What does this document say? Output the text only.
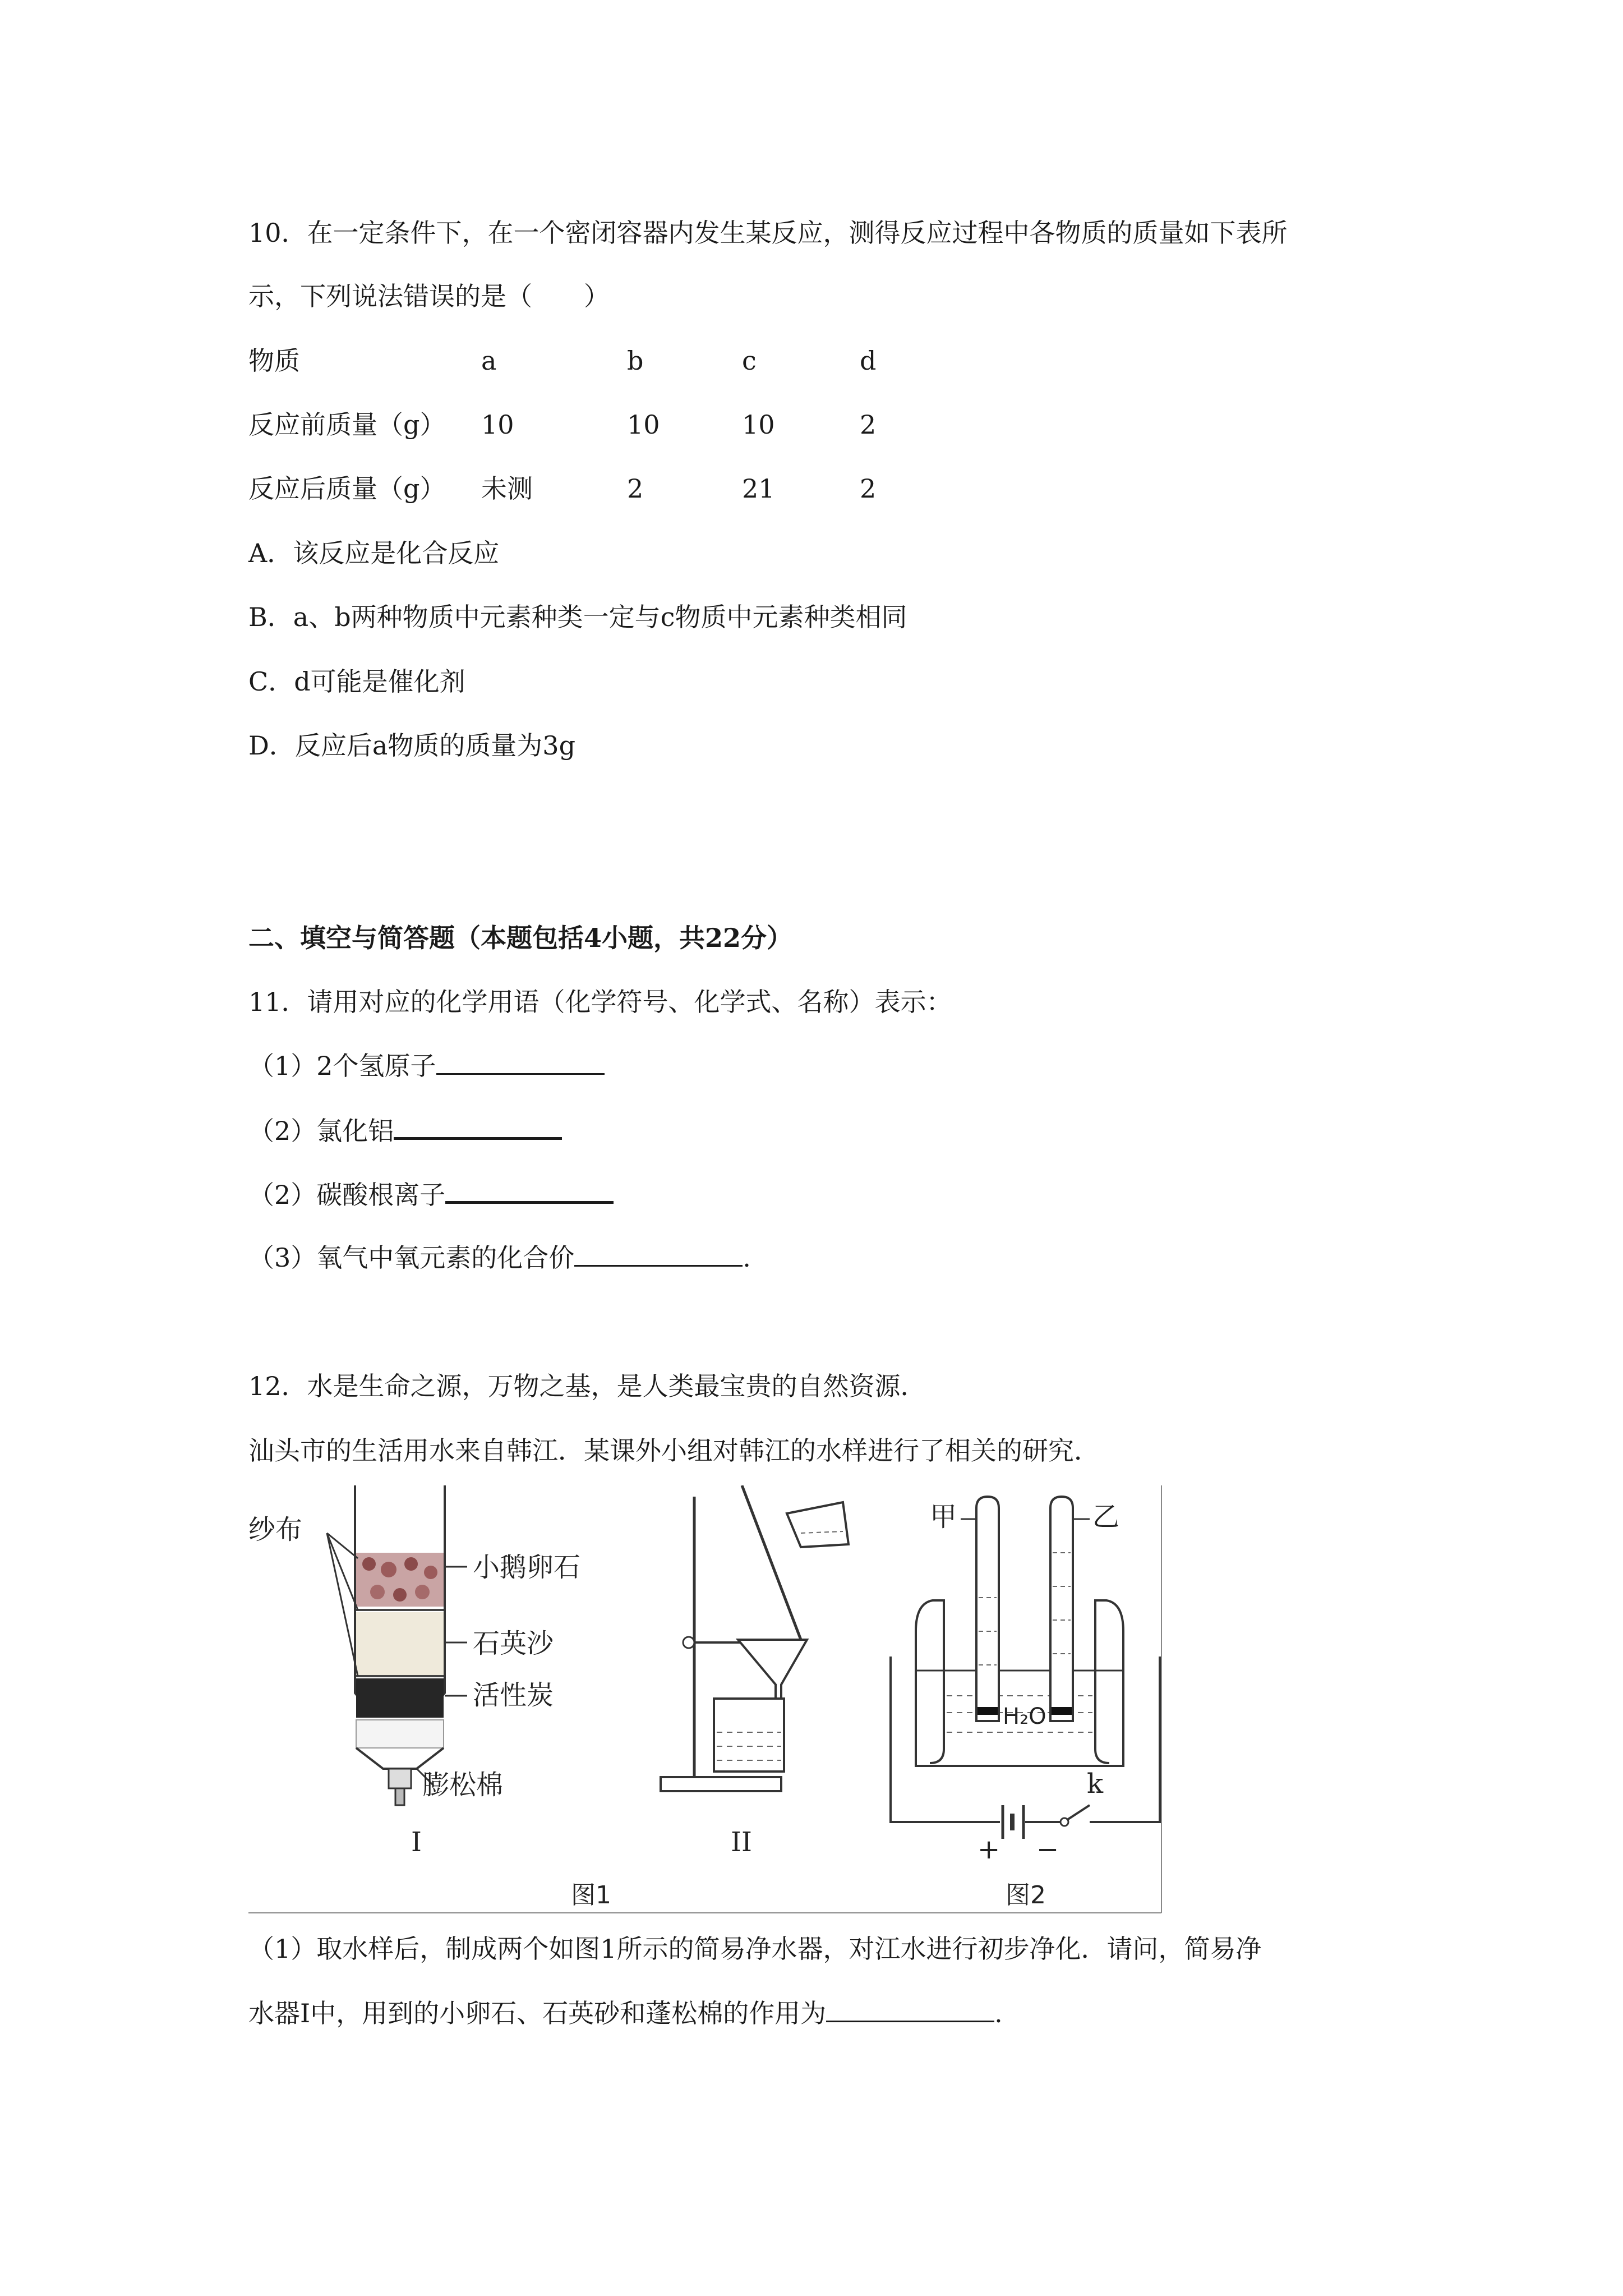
10．在一定条件下，在一个密闭容器内发生某反应，测得反应过程中各物质的质量如下表所
示，下列说法错误的是（　　）
物质	a	b	c	d
反应前质量（g） 10	10	10	2
反应后质量（g） 未测	2	21	2
A．该反应是化合反应
B．a、b两种物质中元素种类一定与c物质中元素种类相同
C．d可能是催化剂
D．反应后a物质的质量为3g
二、填空与简答题（本题包括4小题，共22分）
11．请用对应的化学用语（化学符号、化学式、名称）表示：
（1）2个氢原子
（2）氯化铝
（2）碳酸根离子
（3）氧气中氧元素的化合价	.
12．水是生命之源，万物之基，是人类最宝贵的自然资源．
汕头市的生活用水来自韩江．某课外小组对韩江的水样进行了相关的研究．
纱布
小鹅卵石
石英沙
活性炭
膨松棉
I	II
甲	乙
H₂O
k
+ −
图1	图2
（1）取水样后，制成两个如图1所示的简易净水器，对江水进行初步净化．请问，简易净
水器Ⅰ中，用到的小卵石、石英砂和蓬松棉的作用为	.
